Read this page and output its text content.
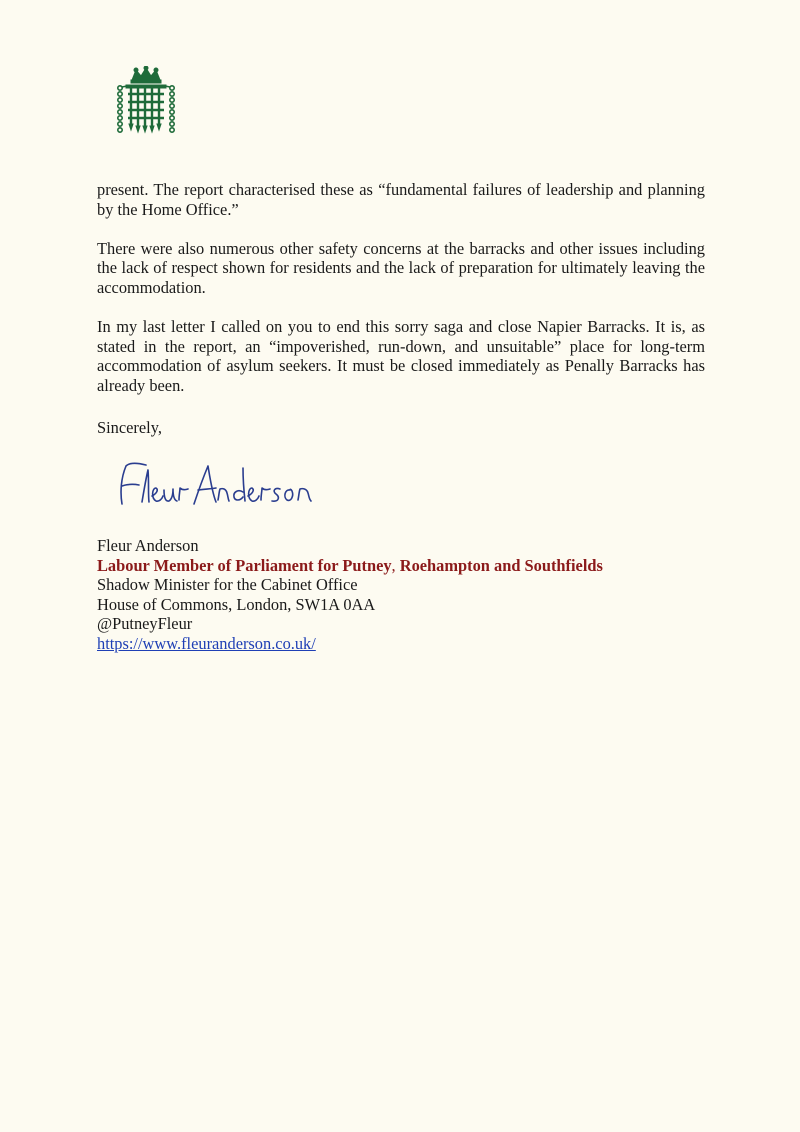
present. The report characterised these as “fundamental failures of leadership and planning by the Home Office.”

There were also numerous other safety concerns at the barracks and other issues including the lack of respect shown for residents and the lack of preparation for ultimately leaving the accommodation.

In my last letter I called on you to end this sorry saga and close Napier Barracks. It is, as stated in the report, an “impoverished, run-down, and unsuitable” place for long-term accommodation of asylum seekers. It must be closed immediately as Penally Barracks has already been.

Sincerely,
Fleur Anderson
Labour Member of Parliament for Putney, Roehampton and Southfields
Shadow Minister for the Cabinet Office
House of Commons, London, SW1A 0AA
@PutneyFleur
https://www.fleuranderson.co.uk/
